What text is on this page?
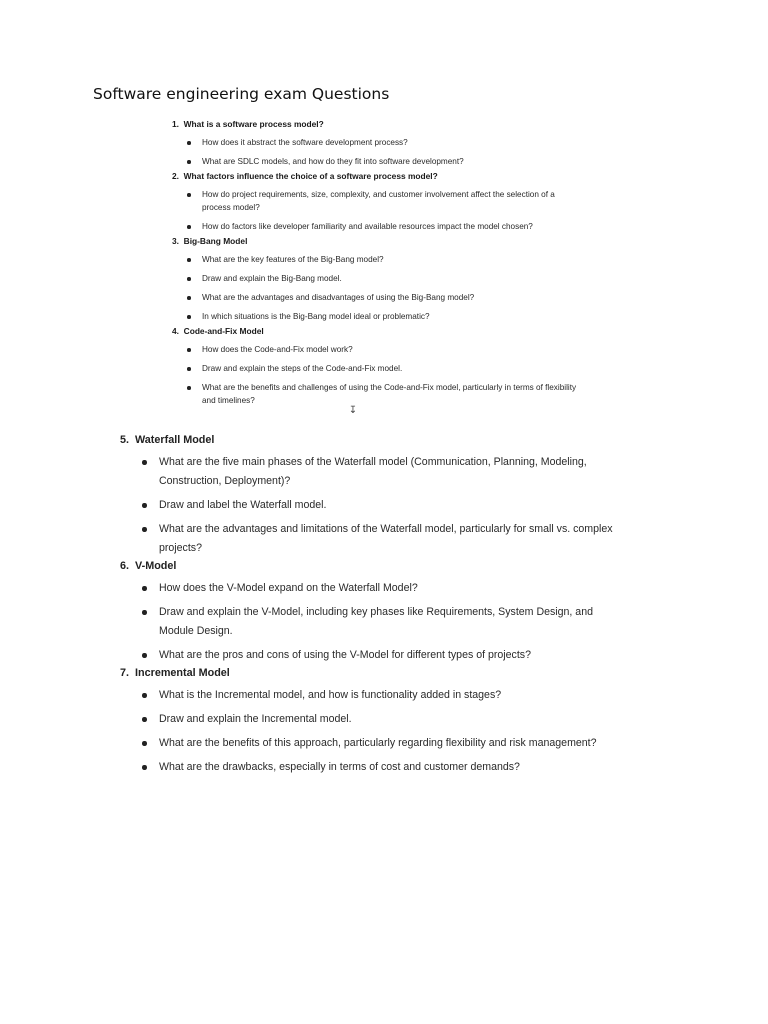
Software engineering exam Questions

1. What is a software process model?

How does it abstract the software development process?
What are SDLC models, and how do they fit into software development?

2. What factors influence the choice of a software process model?

How do project requirements, size, complexity, and customer involvement affect the selection of a process model?
How do factors like developer familiarity and available resources impact the model chosen?

3. Big-Bang Model

What are the key features of the Big-Bang model?
Draw and explain the Big-Bang model.
What are the advantages and disadvantages of using the Big-Bang model?
In which situations is the Big-Bang model ideal or problematic?

4. Code-and-Fix Model

How does the Code-and-Fix model work?
Draw and explain the steps of the Code-and-Fix model.
What are the benefits and challenges of using the Code-and-Fix model, particularly in terms of flexibility and timelines?
↧

5. Waterfall Model

What are the five main phases of the Waterfall model (Communication, Planning, Modeling, Construction, Deployment)?
Draw and label the Waterfall model.
What are the advantages and limitations of the Waterfall model, particularly for small vs. complex projects?

6. V-Model

How does the V-Model expand on the Waterfall Model?
Draw and explain the V-Model, including key phases like Requirements, System Design, and Module Design.
What are the pros and cons of using the V-Model for different types of projects?

7. Incremental Model

What is the Incremental model, and how is functionality added in stages?
Draw and explain the Incremental model.
What are the benefits of this approach, particularly regarding flexibility and risk management?
What are the drawbacks, especially in terms of cost and customer demands?
